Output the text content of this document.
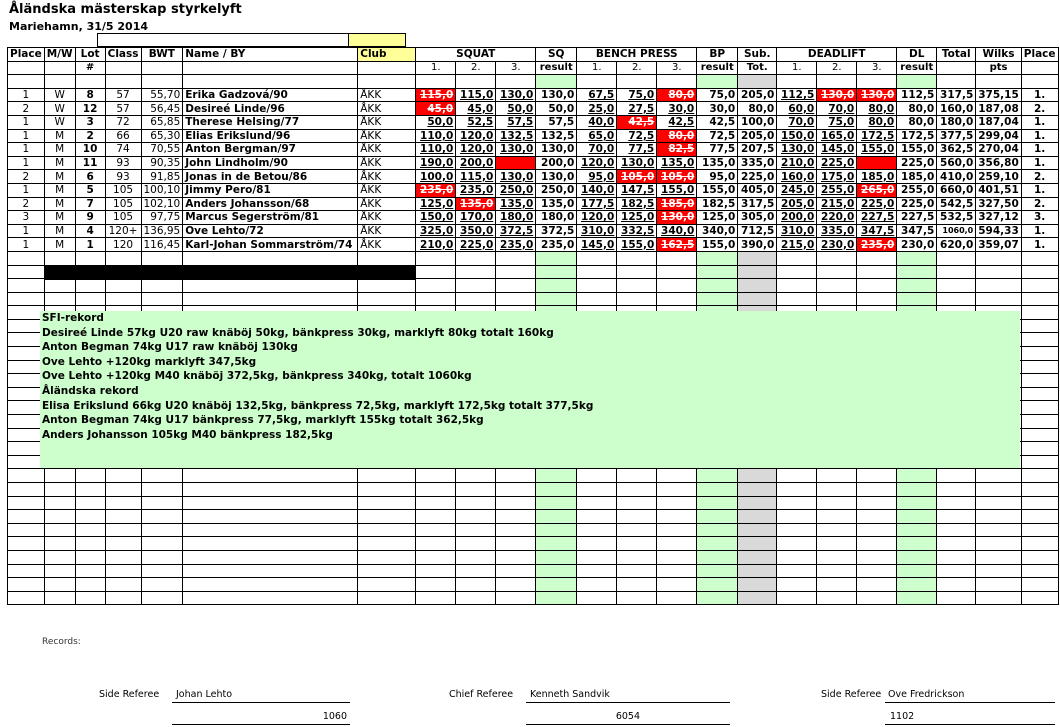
Åländska mästerskap styrkelyft
Mariehamn, 31/5 2014
Place	M/W	Lot	Class	BWT	Name / BY	Club	SQUAT			SQ	BENCH PRESS			BP	Sub.	DEADLIFT			DL	Total	Wilks	Place
		#					1.	2.	3.	result	1.	2.	3.	result	Tot.	1.	2.	3.	result		pts	

1	W	8	57	55,70	Erika Gadzová/90	ÅKK	115,0	115,0	130,0	130,0	67,5	75,0	80,0	75,0	205,0	112,5	130,0	130,0	112,5	317,5	375,15	1.
2	W	12	57	56,45	Desireé Linde/96	ÅKK	45,0	45,0	50,0	50,0	25,0	27,5	30,0	30,0	80,0	60,0	70,0	80,0	80,0	160,0	187,08	2.
1	W	3	72	65,85	Therese Helsing/77	ÅKK	50,0	52,5	57,5	57,5	40,0	42,5	42,5	42,5	100,0	70,0	75,0	80,0	80,0	180,0	187,04	1.
1	M	2	66	65,30	Elias Erikslund/96	ÅKK	110,0	120,0	132,5	132,5	65,0	72,5	80,0	72,5	205,0	150,0	165,0	172,5	172,5	377,5	299,04	1.
1	M	10	74	70,55	Anton Bergman/97	ÅKK	110,0	120,0	130,0	130,0	70,0	77,5	82,5	77,5	207,5	130,0	145,0	155,0	155,0	362,5	270,04	1.
1	M	11	93	90,35	John Lindholm/90	ÅKK	190,0	200,0		200,0	120,0	130,0	135,0	135,0	335,0	210,0	225,0		225,0	560,0	356,80	1.
2	M	6	93	91,85	Jonas in de Betou/86	ÅKK	100,0	115,0	130,0	130,0	95,0	105,0	105,0	95,0	225,0	160,0	175,0	185,0	185,0	410,0	259,10	2.
1	M	5	105	100,10	Jimmy Pero/81	ÅKK	235,0	235,0	250,0	250,0	140,0	147,5	155,0	155,0	405,0	245,0	255,0	265,0	255,0	660,0	401,51	1.
2	M	7	105	102,10	Anders Johansson/68	ÅKK	125,0	135,0	135,0	135,0	177,5	182,5	185,0	182,5	317,5	205,0	215,0	225,0	225,0	542,5	327,50	2.
3	M	9	105	97,75	Marcus Segerström/81	ÅKK	150,0	170,0	180,0	180,0	120,0	125,0	130,0	125,0	305,0	200,0	220,0	227,5	227,5	532,5	327,12	3.
1	M	4	120+	136,95	Ove Lehto/72	ÅKK	325,0	350,0	372,5	372,5	310,0	332,5	340,0	340,0	712,5	310,0	335,0	347,5	347,5	1060,0	594,33	1.
1	M	1	120	116,45	Karl-Johan Sommarström/74	ÅKK	210,0	225,0	235,0	235,0	145,0	155,0	162,5	155,0	390,0	215,0	230,0	235,0	230,0	620,0	359,07	1.

SFI-rekord
Desireé Linde 57kg U20 raw knäböj 50kg, bänkpress 30kg, marklyft 80kg totalt 160kg
Anton Begman 74kg U17 raw knäböj 130kg
Ove Lehto +120kg marklyft 347,5kg
Ove Lehto +120kg M40 knäböj 372,5kg, bänkpress 340kg, totalt 1060kg
Åländska rekord
Elisa Erikslund 66kg U20 knäböj 132,5kg, bänkpress 72,5kg, marklyft 172,5kg totalt 377,5kg
Anton Begman 74kg U17 bänkpress 77,5kg, marklyft 155kg totalt 362,5kg
Anders Johansson 105kg M40 bänkpress 182,5kg
Records:
Side Referee Johan Lehto
1060
Chief Referee Kenneth Sandvik
6054
Side Referee Ove Fredrickson
1102
